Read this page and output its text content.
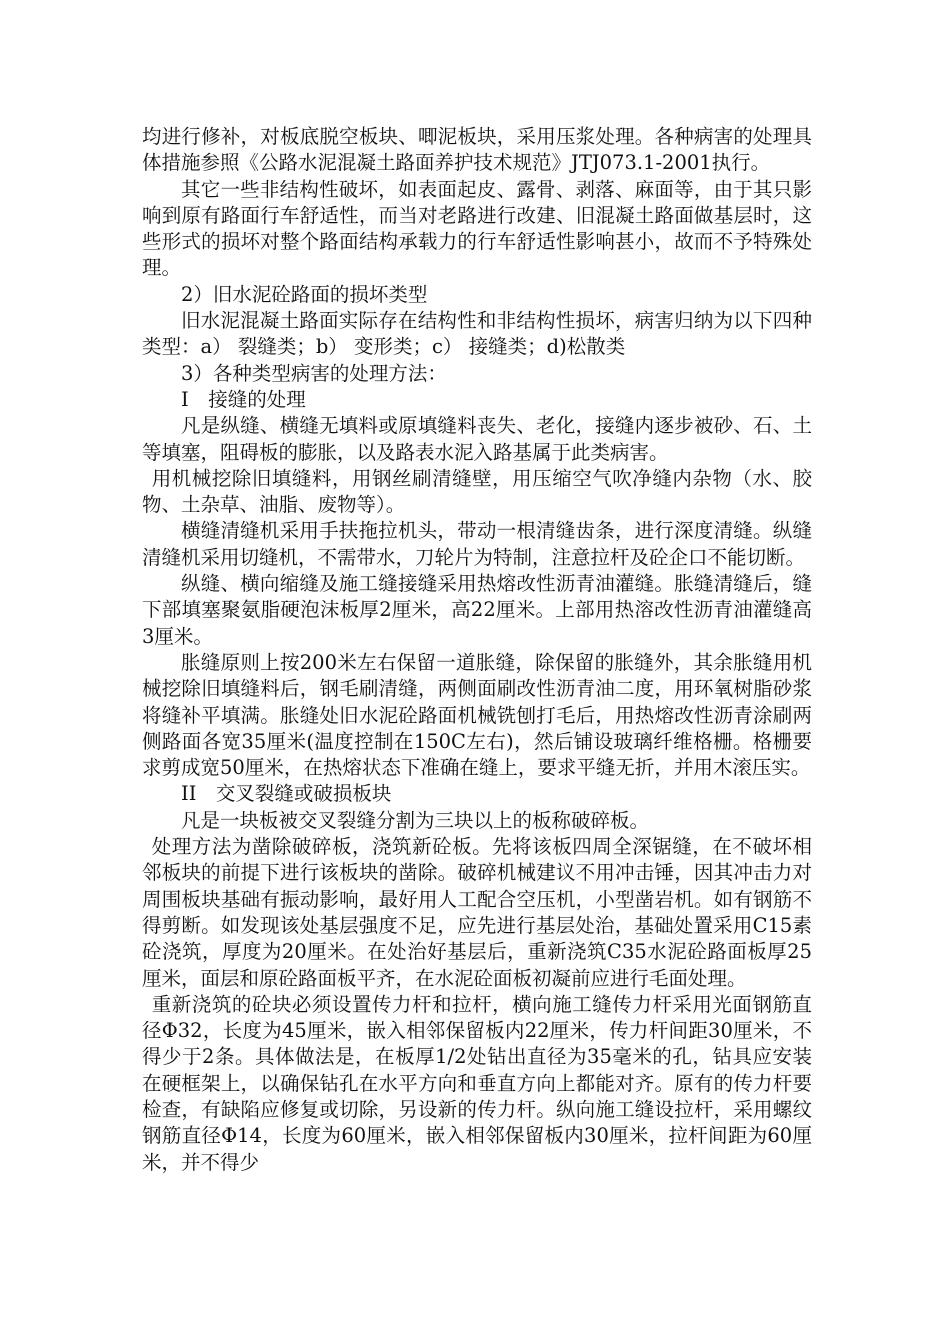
均进行修补，对板底脱空板块、唧泥板块，采用压浆处理。各种病害的处理具体措施参照《公路水泥混凝土路面养护技术规范》JTJ073.1-2001执行。

其它一些非结构性破坏，如表面起皮、露骨、剥落、麻面等，由于其只影响到原有路面行车舒适性，而当对老路进行改建、旧混凝土路面做基层时，这些形式的损坏对整个路面结构承载力的行车舒适性影响甚小，故而不予特殊处理。

2）旧水泥砼路面的损坏类型

旧水泥混凝土路面实际存在结构性和非结构性损坏，病害归纳为以下四种类型：a） 裂缝类；b） 变形类；c） 接缝类；d)松散类

3）各种类型病害的处理方法：

I　接缝的处理

凡是纵缝、横缝无填料或原填缝料丧失、老化，接缝内逐步被砂、石、土等填塞，阻碍板的膨胀，以及路表水泥入路基属于此类病害。

用机械挖除旧填缝料，用钢丝刷清缝壁，用压缩空气吹净缝内杂物（水、胶物、土杂草、油脂、废物等）。

横缝清缝机采用手扶拖拉机头，带动一根清缝齿条，进行深度清缝。纵缝清缝机采用切缝机，不需带水，刀轮片为特制，注意拉杆及砼企口不能切断。

纵缝、横向缩缝及施工缝接缝采用热熔改性沥青油灌缝。胀缝清缝后，缝下部填塞聚氨脂硬泡沫板厚2厘米，高22厘米。上部用热溶改性沥青油灌缝高3厘米。

胀缝原则上按200米左右保留一道胀缝，除保留的胀缝外，其余胀缝用机械挖除旧填缝料后，钢毛刷清缝，两侧面刷改性沥青油二度，用环氧树脂砂浆将缝补平填满。胀缝处旧水泥砼路面机械铣刨打毛后，用热熔改性沥青涂刷两侧路面各宽35厘米(温度控制在150C左右)，然后铺设玻璃纤维格栅。格栅要求剪成宽50厘米，在热熔状态下准确在缝上，要求平缝无折，并用木滚压实。

II　交叉裂缝或破损板块

凡是一块板被交叉裂缝分割为三块以上的板称破碎板。

处理方法为凿除破碎板，浇筑新砼板。先将该板四周全深锯缝，在不破坏相邻板块的前提下进行该板块的凿除。破碎机械建议不用冲击锤，因其冲击力对周围板块基础有振动影响，最好用人工配合空压机，小型凿岩机。如有钢筋不得剪断。如发现该处基层强度不足，应先进行基层处治，基础处置采用C15素砼浇筑，厚度为20厘米。在处治好基层后，重新浇筑C35水泥砼路面板厚25厘米，面层和原砼路面板平齐，在水泥砼面板初凝前应进行毛面处理。

重新浇筑的砼块必须设置传力杆和拉杆，横向施工缝传力杆采用光面钢筋直径Φ32，长度为45厘米，嵌入相邻保留板内22厘米，传力杆间距30厘米，不得少于2条。具体做法是，在板厚1/2处钻出直径为35毫米的孔，钻具应安装在硬框架上，以确保钻孔在水平方向和垂直方向上都能对齐。原有的传力杆要检查，有缺陷应修复或切除，另设新的传力杆。纵向施工缝设拉杆，采用螺纹钢筋直径Φ14，长度为60厘米，嵌入相邻保留板内30厘米，拉杆间距为60厘米，并不得少
